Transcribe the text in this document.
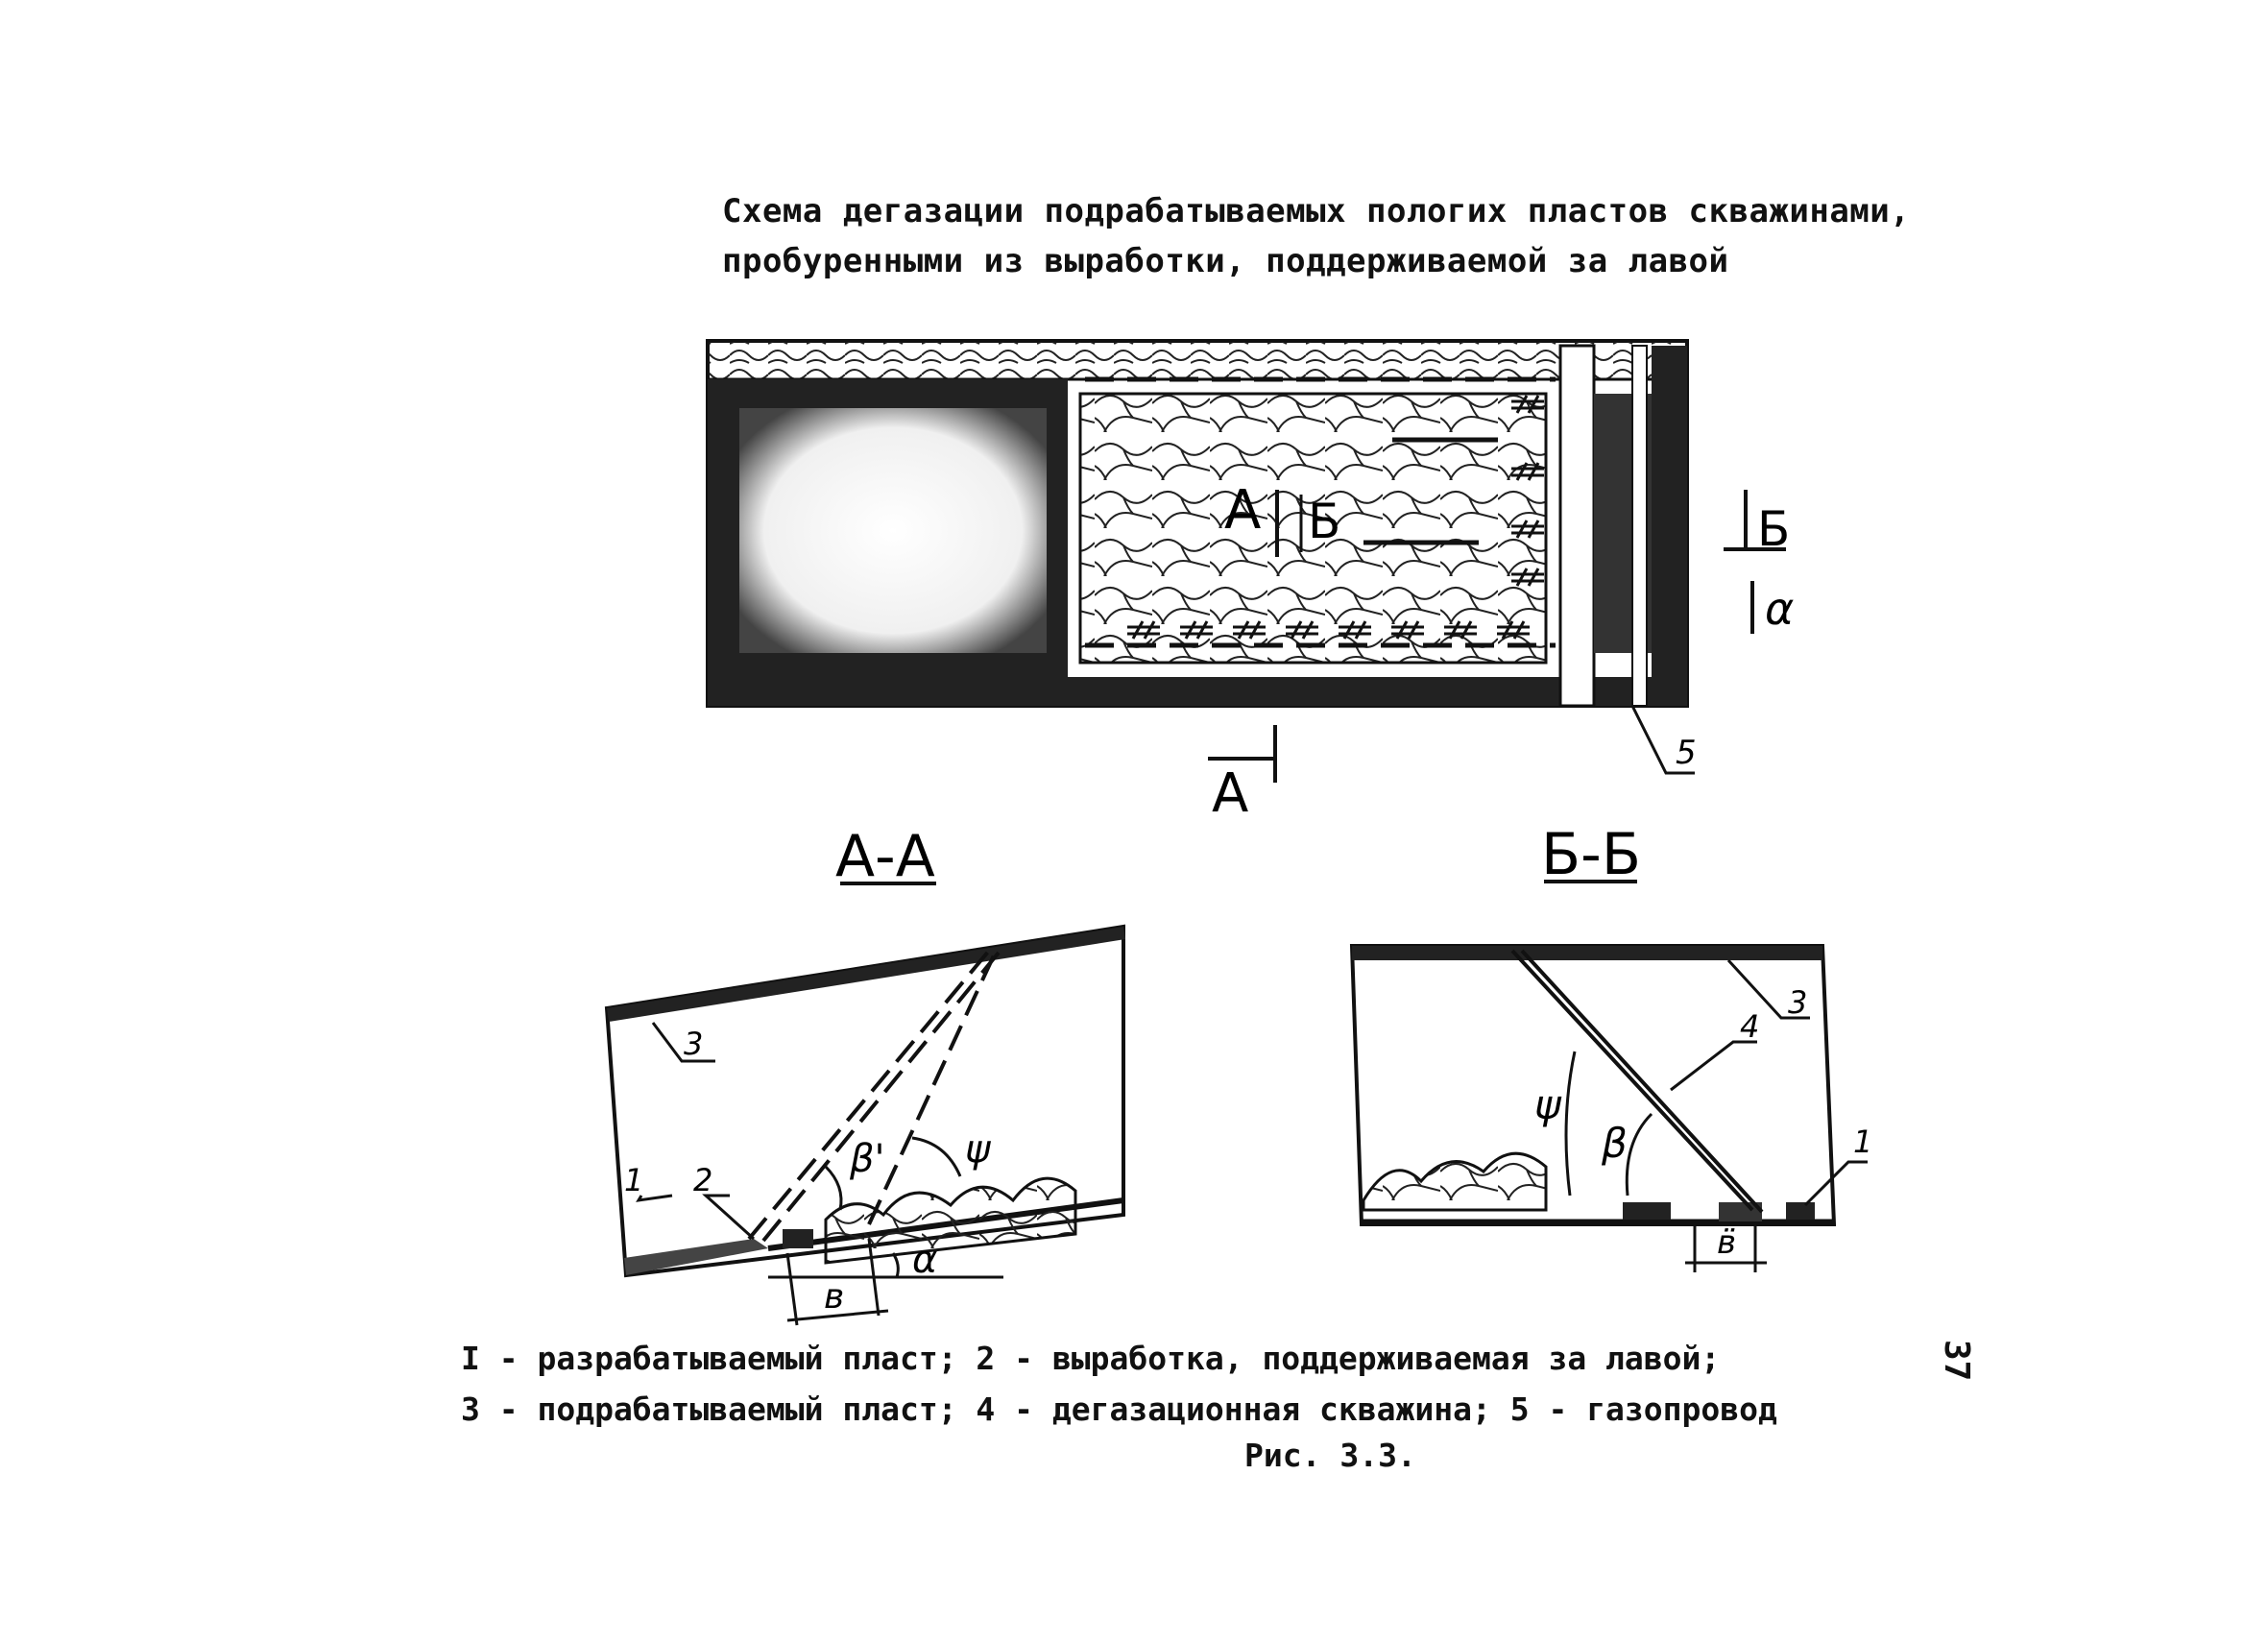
Схема дегазации подрабатываемых пологих пластов скважинами,
пробуренными из выработки, поддерживаемой за лавой
А
А
Б	Б
α
5
А-А
β' ψ
α
в
1 2
3
Б-Б
ψ
β
в̈
4
3
1
I - разрабатываемый пласт; 2 - выработка, поддерживаемая за лавой;
3 - подрабатываемый пласт; 4 - дегазационная скважина; 5 - газопровод
Рис. 3.3.
37
